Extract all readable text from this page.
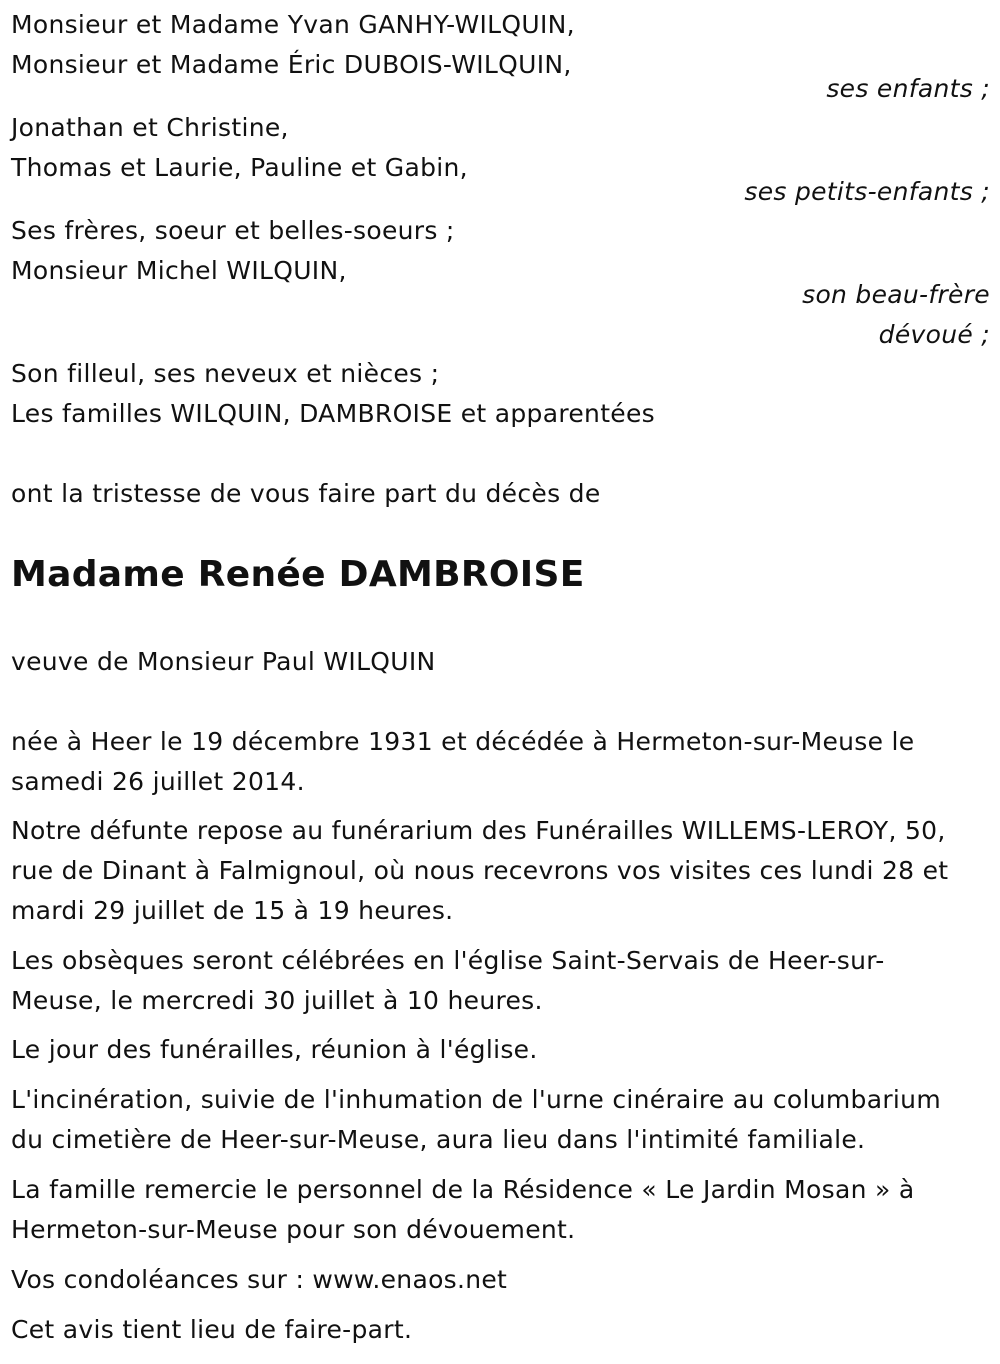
Monsieur et Madame Yvan GANHY-WILQUIN,
Monsieur et Madame Éric DUBOIS-WILQUIN,
ses enfants ;
Jonathan et Christine,
Thomas et Laurie, Pauline et Gabin,
ses petits-enfants ;
Ses frères, soeur et belles-soeurs ;
Monsieur Michel WILQUIN,
son beau-frère
dévoué ;
Son filleul, ses neveux et nièces ;
Les familles WILQUIN, DAMBROISE et apparentées
ont la tristesse de vous faire part du décès de
Madame Renée DAMBROISE
veuve de Monsieur Paul WILQUIN
née à Heer le 19 décembre 1931 et décédée à Hermeton-sur-Meuse le
samedi 26 juillet 2014.
Notre défunte repose au funérarium des Funérailles WILLEMS-LEROY, 50,
rue de Dinant à Falmignoul, où nous recevrons vos visites ces lundi 28 et
mardi 29 juillet de 15 à 19 heures.
Les obsèques seront célébrées en l'église Saint-Servais de Heer-sur-
Meuse, le mercredi 30 juillet à 10 heures.
Le jour des funérailles, réunion à l'église.
L'incinération, suivie de l'inhumation de l'urne cinéraire au columbarium
du cimetière de Heer-sur-Meuse, aura lieu dans l'intimité familiale.
La famille remercie le personnel de la Résidence « Le Jardin Mosan » à
Hermeton-sur-Meuse pour son dévouement.
Vos condoléances sur : www.enaos.net
Cet avis tient lieu de faire-part.
